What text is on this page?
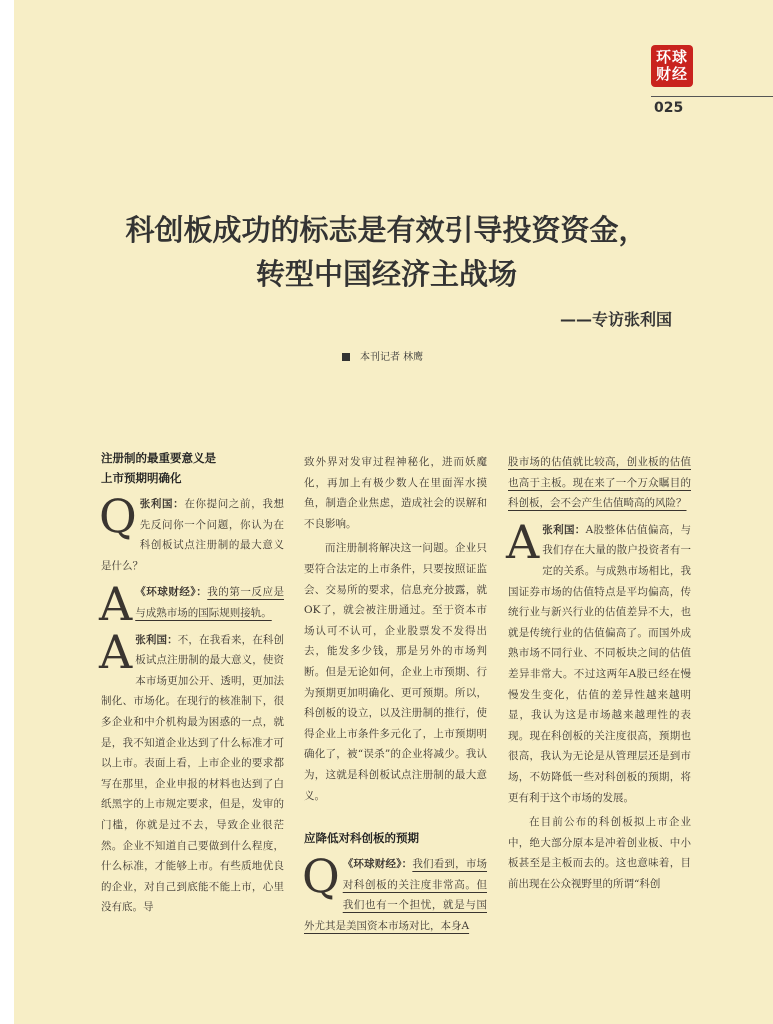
环球
财经
025
科创板成功的标志是有效引导投资资金，
转型中国经济主战场
——专访张利国
本刊记者 林鹰

注册制的最重要意义是

上市预期明确化

Q张利国：在你提问之前，我想先反问你一个问题，你认为在科创板试点注册制的最大意义是什么？

A 《环球财经》：我的第一反应是与成熟市场的国际规则接轨。

A张利国：不，在我看来，在科创板试点注册制的最大意义，使资本市场更加公开、透明，更加法制化、市场化。在现行的核准制下，很多企业和中介机构最为困惑的一点，就是，我不知道企业达到了什么标准才可以上市。表面上看，上市企业的要求都写在那里，企业申报的材料也达到了白纸黑字的上市规定要求，但是，发审的门槛，你就是过不去，导致企业很茫然。企业不知道自己要做到什么程度，什么标准，才能够上市。有些质地优良的企业，对自己到底能不能上市，心里没有底。导

致外界对发审过程神秘化，进而妖魔化，再加上有极少数人在里面浑水摸鱼，制造企业焦虑，造成社会的误解和不良影响。

而注册制将解决这一问题。企业只要符合法定的上市条件，只要按照证监会、交易所的要求，信息充分披露，就OK了，就会被注册通过。至于资本市场认可不认可，企业股票发不发得出去，能发多少钱，那是另外的市场判断。但是无论如何，企业上市预期、行为预期更加明确化、更可预期。所以，科创板的设立，以及注册制的推行，使得企业上市条件多元化了，上市预期明确化了，被“误杀”的企业将减少。我认为，这就是科创板试点注册制的最大意义。

应降低对科创板的预期

Q 《环球财经》：我们看到，市场对科创板的关注度非常高。但我们也有一个担忧，就是与国外尤其是美国资本市场对比，本身A

股市场的估值就比较高，创业板的估值也高于主板。现在来了一个万众瞩目的科创板，会不会产生估值畸高的风险？

A张利国：A股整体估值偏高，与我们存在大量的散户投资者有一定的关系。与成熟市场相比，我国证券市场的估值特点是平均偏高，传统行业与新兴行业的估值差异不大，也就是传统行业的估值偏高了。而国外成熟市场不同行业、不同板块之间的估值差异非常大。不过这两年A股已经在慢慢发生变化，估值的差异性越来越明显，我认为这是市场越来越理性的表现。现在科创板的关注度很高，预期也很高，我认为无论是从管理层还是到市场，不妨降低一些对科创板的预期，将更有利于这个市场的发展。

在目前公布的科创板拟上市企业中，绝大部分原本是冲着创业板、中小板甚至是主板而去的。这也意味着，目前出现在公众视野里的所谓“科创
